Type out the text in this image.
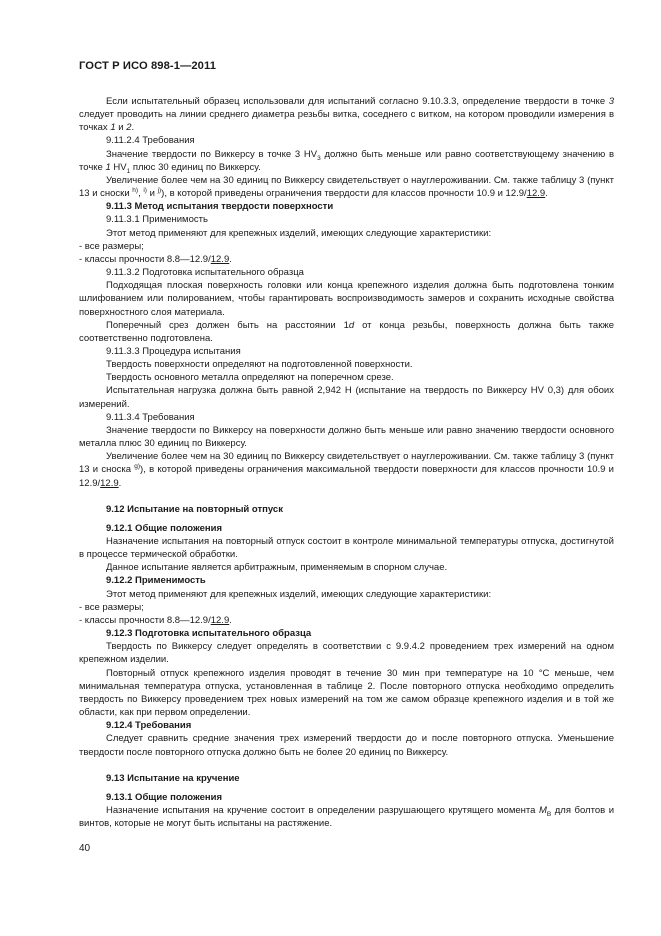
ГОСТ Р ИСО 898-1—2011

Если испытательный образец использовали для испытаний согласно 9.10.3.3, определение твердости в точке 3 следует проводить на линии среднего диаметра резьбы витка, соседнего с витком, на котором проводили измерения в точках 1 и 2.

9.11.2.4 Требования

Значение твердости по Виккерсу в точке 3 $HV_3$ должно быть меньше или равно соответствующему значению в точке 1 $HV_1$ плюс 30 единиц по Виккерсу.

Увеличение более чем на 30 единиц по Виккерсу свидетельствует о науглероживании. См. также таблицу 3 (пункт 13 и сноски $^{h)}$, $^{i)}$ и $^{j)}$), в которой приведены ограничения твердости для классов прочности 10.9 и 12.9/12.9.

9.11.3 Метод испытания твердости поверхности

9.11.3.1 Применимость

Этот метод применяют для крепежных изделий, имеющих следующие характеристики:

- все размеры;

- классы прочности 8.8—12.9/12.9.

9.11.3.2 Подготовка испытательного образца

Подходящая плоская поверхность головки или конца крепежного изделия должна быть подготовлена тонким шлифованием или полированием, чтобы гарантировать воспроизводимость замеров и сохранить исходные свойства поверхностного слоя материала.

Поперечный срез должен быть на расстоянии 1d от конца резьбы, поверхность должна быть также соответственно подготовлена.

9.11.3.3 Процедура испытания

Твердость поверхности определяют на подготовленной поверхности.

Твердость основного металла определяют на поперечном срезе.

Испытательная нагрузка должна быть равной 2,942 Н (испытание на твердость по Виккерсу HV 0,3) для обоих измерений.

9.11.3.4 Требования

Значение твердости по Виккерсу на поверхности должно быть меньше или равно значению твердости основного металла плюс 30 единиц по Виккерсу.

Увеличение более чем на 30 единиц по Виккерсу свидетельствует о науглероживании. См. также таблицу 3 (пункт 13 и сноска $^{g)}$), в которой приведены ограничения максимальной твердости поверхности для классов прочности 10.9 и 12.9/12.9.

9.12 Испытание на повторный отпуск

9.12.1 Общие положения

Назначение испытания на повторный отпуск состоит в контроле минимальной температуры отпуска, достигнутой в процессе термической обработки.

Данное испытание является арбитражным, применяемым в спорном случае.

9.12.2 Применимость

Этот метод применяют для крепежных изделий, имеющих следующие характеристики:

- все размеры;

- классы прочности 8.8—12.9/12.9.

9.12.3 Подготовка испытательного образца

Твердость по Виккерсу следует определять в соответствии с 9.9.4.2 проведением трех измерений на одном крепежном изделии.

Повторный отпуск крепежного изделия проводят в течение 30 мин при температуре на 10 °С меньше, чем минимальная температура отпуска, установленная в таблице 2. После повторного отпуска необходимо определить твердость по Виккерсу проведением трех новых измерений на том же самом образце крепежного изделия и в той же области, как при первом определении.

9.12.4 Требования

Следует сравнить средние значения трех измерений твердости до и после повторного отпуска. Уменьшение твердости после повторного отпуска должно быть не более 20 единиц по Виккерсу.

9.13 Испытание на кручение

9.13.1 Общие положения

Назначение испытания на кручение состоит в определении разрушающего крутящего момента $M_B$ для болтов и винтов, которые не могут быть испытаны на растяжение.

40
